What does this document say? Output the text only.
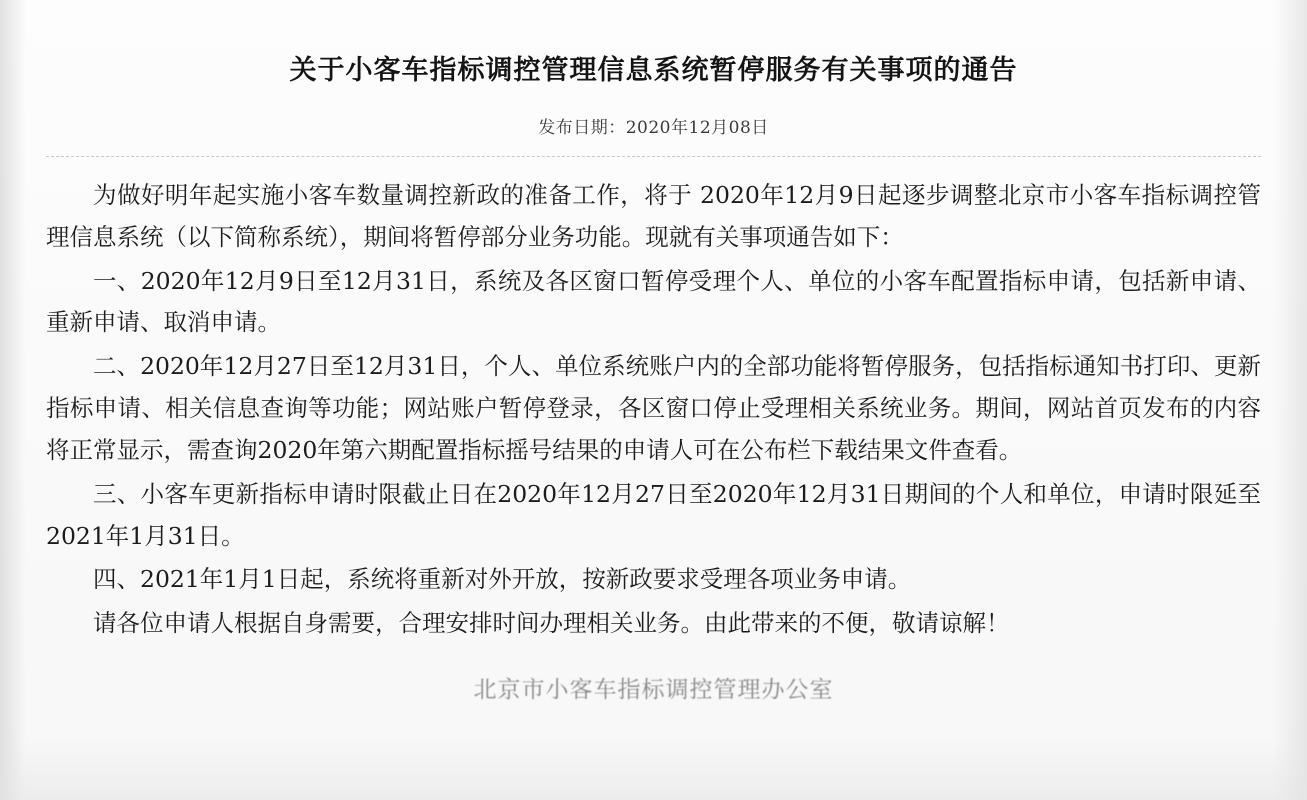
关于小客车指标调控管理信息系统暂停服务有关事项的通告
发布日期：2020年12月08日

为做好明年起实施小客车数量调控新政的准备工作，将于 2020年12月9日起逐步调整北京市小客车指标调控管理信息系统（以下简称系统），期间将暂停部分业务功能。现就有关事项通告如下：

一、2020年12月9日至12月31日，系统及各区窗口暂停受理个人、单位的小客车配置指标申请，包括新申请、重新申请、取消申请。

二、2020年12月27日至12月31日，个人、单位系统账户内的全部功能将暂停服务，包括指标通知书打印、更新指标申请、相关信息查询等功能；网站账户暂停登录，各区窗口停止受理相关系统业务。期间，网站首页发布的内容将正常显示，需查询2020年第六期配置指标摇号结果的申请人可在公布栏下载结果文件查看。

三、小客车更新指标申请时限截止日在2020年12月27日至2020年12月31日期间的个人和单位，申请时限延至2021年1月31日。

四、2021年1月1日起，系统将重新对外开放，按新政要求受理各项业务申请。

请各位申请人根据自身需要，合理安排时间办理相关业务。由此带来的不便，敬请谅解！

北京市小客车指标调控管理办公室
